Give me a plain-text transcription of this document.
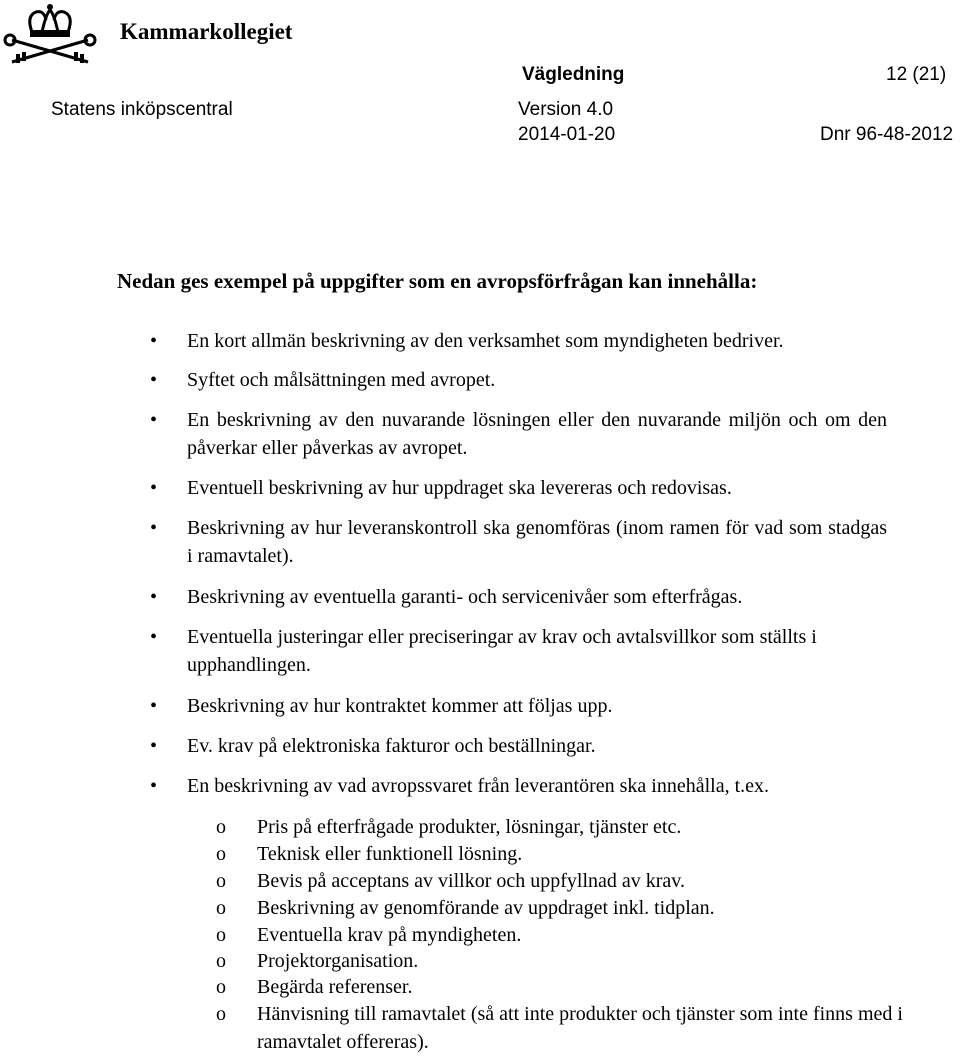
Kammarkollegiet
Vägledning	12 (21)
Statens inköpscentral	Version 4.0
2014-01-20	Dnr 96-48-2012
Nedan ges exempel på uppgifter som en avropsförfrågan kan innehålla:
• En kort allmän beskrivning av den verksamhet som myndigheten bedriver.
• Syftet och målsättningen med avropet.
• En beskrivning av den nuvarande lösningen eller den nuvarande miljön och om den påverkar eller påverkas av avropet.
• Eventuell beskrivning av hur uppdraget ska levereras och redovisas.
• Beskrivning av hur leveranskontroll ska genomföras (inom ramen för vad som stadgas i ramavtalet).
• Beskrivning av eventuella garanti- och servicenivåer som efterfrågas.
• Eventuella justeringar eller preciseringar av krav och avtalsvillkor som ställts i upphandlingen.
• Beskrivning av hur kontraktet kommer att följas upp.
• Ev. krav på elektroniska fakturor och beställningar.
• En beskrivning av vad avropssvaret från leverantören ska innehålla, t.ex.
o Pris på efterfrågade produkter, lösningar, tjänster etc.
o Teknisk eller funktionell lösning.
o Bevis på acceptans av villkor och uppfyllnad av krav.
o Beskrivning av genomförande av uppdraget inkl. tidplan.
o Eventuella krav på myndigheten.
o Projektorganisation.
o Begärda referenser.
o Hänvisning till ramavtalet (så att inte produkter och tjänster som inte finns med i ramavtalet offereras).
